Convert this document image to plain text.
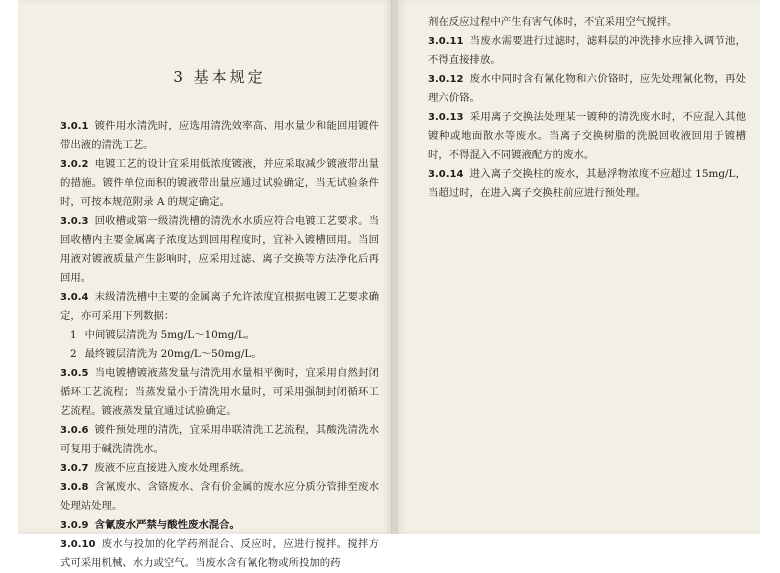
3 基本规定

3.0.1 镀件用水清洗时，应选用清洗效率高、用水量少和能回用镀件带出液的清洗工艺。

3.0.2 电镀工艺的设计宜采用低浓度镀液，并应采取减少镀液带出量的措施。镀件单位面积的镀液带出量应通过试验确定，当无试验条件时，可按本规范附录 A 的规定确定。

3.0.3 回收槽或第一级清洗槽的清洗水水质应符合电镀工艺要求。当回收槽内主要金属离子浓度达到回用程度时，宜补入镀槽回用。当回用液对镀液质量产生影响时，应采用过滤、离子交换等方法净化后再回用。

3.0.4 末级清洗槽中主要的金属离子允许浓度宜根据电镀工艺要求确定，亦可采用下列数据：

1 中间镀层清洗为 5mg/L～10mg/L。

2 最终镀层清洗为 20mg/L～50mg/L。

3.0.5 当电镀槽镀液蒸发量与清洗用水量相平衡时，宜采用自然封闭循环工艺流程；当蒸发量小于清洗用水量时，可采用强制封闭循环工艺流程。镀液蒸发量宜通过试验确定。

3.0.6 镀件预处理的清洗，宜采用串联清洗工艺流程，其酸洗清洗水可复用于碱洗清洗水。

3.0.7 废液不应直接进入废水处理系统。

3.0.8 含氰废水、含铬废水、含有价金属的废水应分质分管排至废水处理站处理。

3.0.9 含氰废水严禁与酸性废水混合。

3.0.10 废水与投加的化学药剂混合、反应时，应进行搅拌。搅拌方式可采用机械、水力或空气。当废水含有氰化物或所投加的药

剂在反应过程中产生有害气体时，不宜采用空气搅拌。

3.0.11 当废水需要进行过滤时，滤料层的冲洗排水应排入调节池，不得直接排放。

3.0.12 废水中同时含有氰化物和六价铬时，应先处理氰化物，再处理六价铬。

3.0.13 采用离子交换法处理某一镀种的清洗废水时，不应混入其他镀种或地面散水等废水。当离子交换树脂的洗脱回收液回用于镀槽时，不得混入不同镀液配方的废水。

3.0.14 进入离子交换柱的废水，其悬浮物浓度不应超过 15mg/L，当超过时，在进入离子交换柱前应进行预处理。
